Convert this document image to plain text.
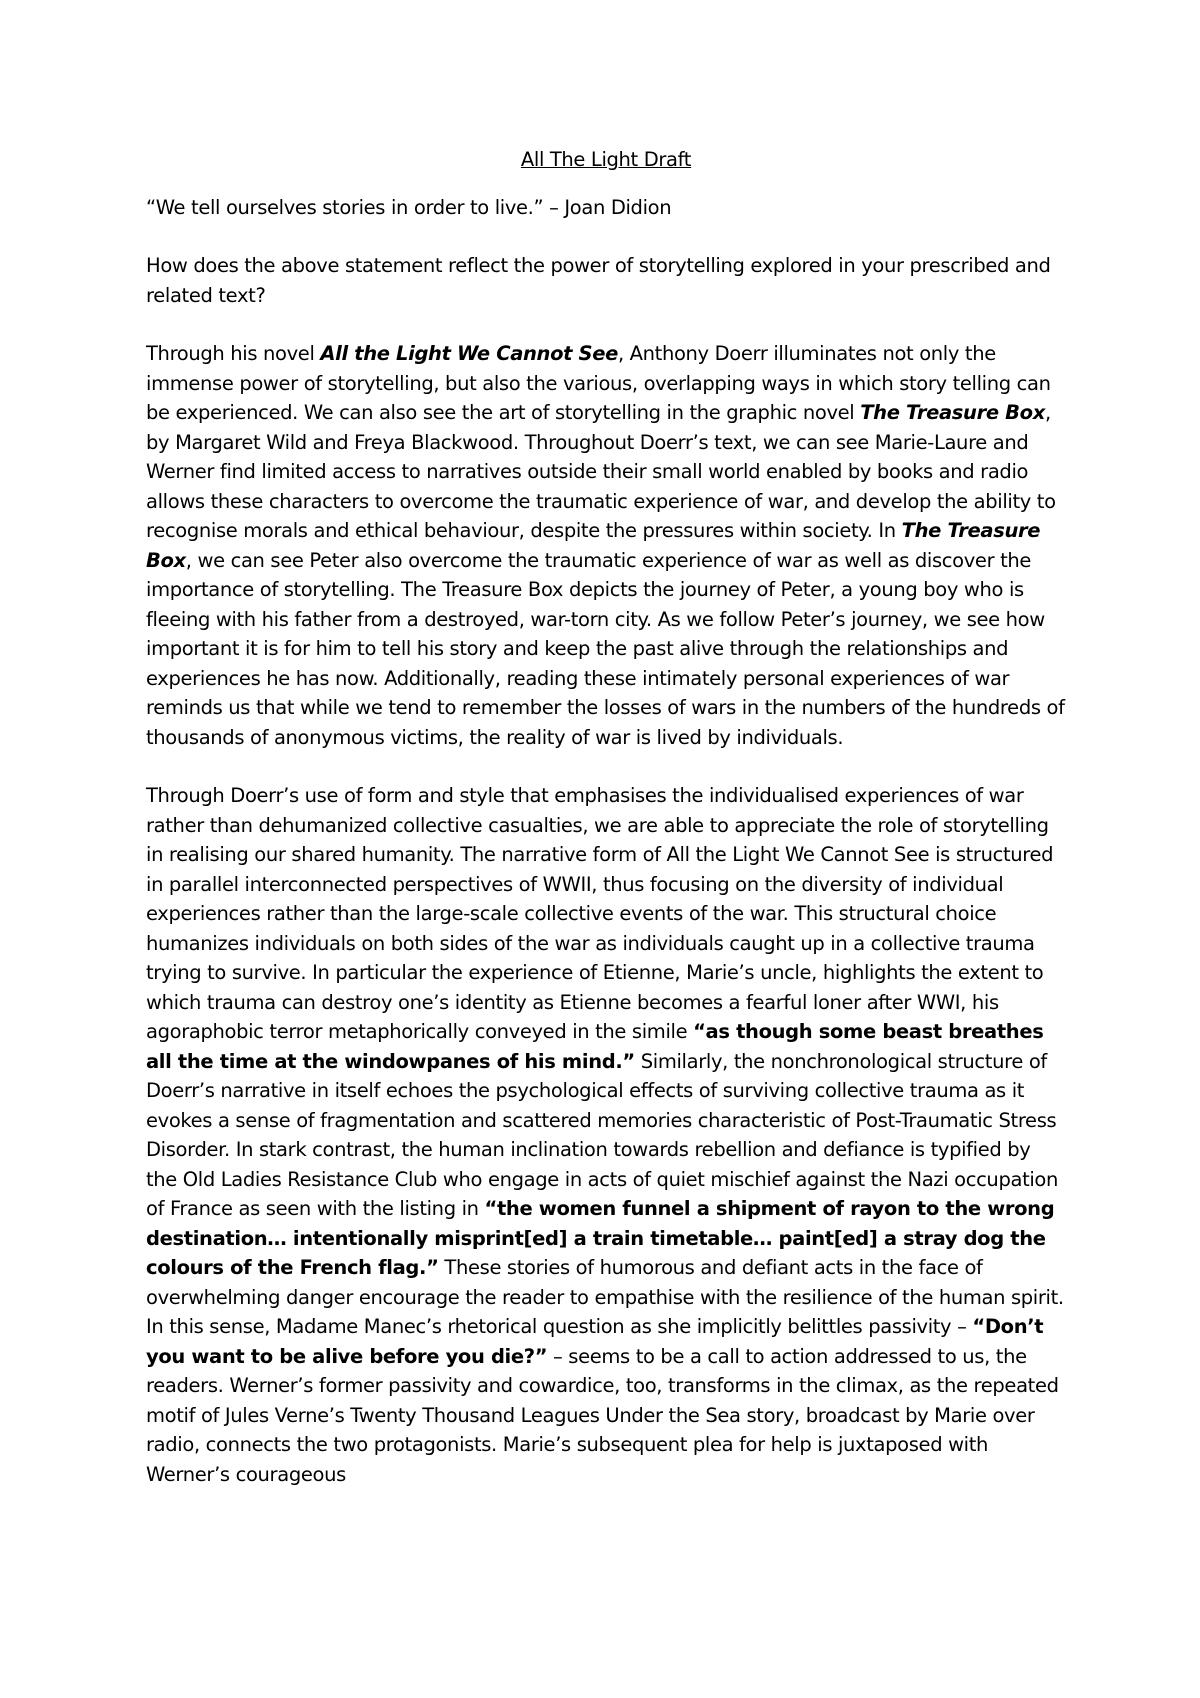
All The Light Draft

“We tell ourselves stories in order to live.” – Joan Didion

How does the above statement reflect the power of storytelling explored in your prescribed and related text?

Through his novel All the Light We Cannot See, Anthony Doerr illuminates not only the immense power of storytelling, but also the various, overlapping ways in which story telling can be experienced. We can also see the art of storytelling in the graphic novel The Treasure Box, by Margaret Wild and Freya Blackwood. Throughout Doerr’s text, we can see Marie-Laure and Werner find limited access to narratives outside their small world enabled by books and radio allows these characters to overcome the traumatic experience of war, and develop the ability to recognise morals and ethical behaviour, despite the pressures within society. In The Treasure Box, we can see Peter also overcome the traumatic experience of war as well as discover the importance of storytelling. The Treasure Box depicts the journey of Peter, a young boy who is fleeing with his father from a destroyed, war-torn city. As we follow Peter’s journey, we see how important it is for him to tell his story and keep the past alive through the relationships and experiences he has now. Additionally, reading these intimately personal experiences of war reminds us that while we tend to remember the losses of wars in the numbers of the hundreds of thousands of anonymous victims, the reality of war is lived by individuals.

Through Doerr’s use of form and style that emphasises the individualised experiences of war rather than dehumanized collective casualties, we are able to appreciate the role of storytelling in realising our shared humanity. The narrative form of All the Light We Cannot See is structured in parallel interconnected perspectives of WWII, thus focusing on the diversity of individual experiences rather than the large-scale collective events of the war. This structural choice humanizes individuals on both sides of the war as individuals caught up in a collective trauma trying to survive. In particular the experience of Etienne, Marie’s uncle, highlights the extent to which trauma can destroy one’s identity as Etienne becomes a fearful loner after WWI, his agoraphobic terror metaphorically conveyed in the simile “as though some beast breathes all the time at the windowpanes of his mind.” Similarly, the nonchronological structure of Doerr’s narrative in itself echoes the psychological effects of surviving collective trauma as it evokes a sense of fragmentation and scattered memories characteristic of Post-Traumatic Stress Disorder. In stark contrast, the human inclination towards rebellion and defiance is typified by the Old Ladies Resistance Club who engage in acts of quiet mischief against the Nazi occupation of France as seen with the listing in “the women funnel a shipment of rayon to the wrong destination… intentionally misprint[ed] a train timetable… paint[ed] a stray dog the colours of the French flag.” These stories of humorous and defiant acts in the face of overwhelming danger encourage the reader to empathise with the resilience of the human spirit. In this sense, Madame Manec’s rhetorical question as she implicitly belittles passivity – “Don’t you want to be alive before you die?” – seems to be a call to action addressed to us, the readers. Werner’s former passivity and cowardice, too, transforms in the climax, as the repeated motif of Jules Verne’s Twenty Thousand Leagues Under the Sea story, broadcast by Marie over radio, connects the two protagonists. Marie’s subsequent plea for help is juxtaposed with Werner’s courageous
